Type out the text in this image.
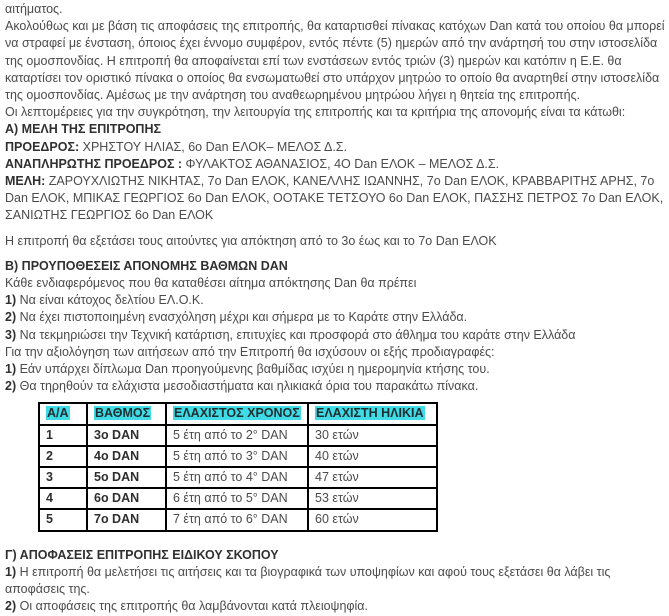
αιτήματος.

Ακολούθως και με βάση τις αποφάσεις της επιτροπής, θα καταρτισθεί πίνακας κατόχων Dan κατά του οποίου θα μπορεί να στραφεί με ένσταση, όποιος έχει έννομο συμφέρον, εντός πέντε (5) ημερών από την ανάρτησή του στην ιστοσελίδα της ομοσπονδίας. Η επιτροπή θα αποφαίνεται επί των ενστάσεων εντός τριών (3) ημερών και κατόπιν η Ε.Ε. θα καταρτίσει τον οριστικό πίνακα ο οποίος θα ενσωματωθεί στο υπάρχον μητρώο το οποίο θα αναρτηθεί στην ιστοσελίδα της ομοσπονδίας. Αμέσως με την ανάρτηση του αναθεωρημένου μητρώου λήγει η θητεία της επιτροπής.

Οι λεπτομέρειες για την συγκρότηση, την λειτουργία της επιτροπής και τα κριτήρια της απονομής είναι τα κάτωθι:

Α) ΜΕΛΗ ΤΗΣ ΕΠΙΤΡΟΠΗΣ

ΠΡΟΕΔΡΟΣ: ΧΡΗΣΤΟΥ ΗΛΙΑΣ, 6ο Dan ΕΛΟΚ– ΜΕΛΟΣ Δ.Σ.

ΑΝΑΠΛΗΡΩΤΗΣ ΠΡΟΕΔΡΟΣ : ΦΥΛΑΚΤΟΣ ΑΘΑΝΑΣΙΟΣ, 4Ο Dan ΕΛΟΚ – ΜΕΛΟΣ Δ.Σ.

ΜΕΛΗ: ΖΑΡΟΥΧΛΙΩΤΗΣ ΝΙΚΗΤΑΣ, 7ο Dan ΕΛΟΚ, ΚΑΝΕΛΛΗΣ ΙΩΑΝΝΗΣ, 7ο Dan ΕΛΟΚ, ΚΡΑΒΒΑΡΙΤΗΣ ΑΡΗΣ, 7ο Dan ΕΛΟΚ, ΜΠΙΚΑΣ ΓΕΩΡΓΙΟΣ 6ο Dan ΕΛΟΚ, ΟΟΤΑΚΕ ΤΕΤΣΟΥΟ 6ο Dan ΕΛΟΚ, ΠΑΣΣΗΣ ΠΕΤΡΟΣ 7ο Dan ΕΛΟΚ, ΣΑΝΙΩΤΗΣ ΓΕΩΡΓΙΟΣ 6ο Dan ΕΛΟΚ

Η επιτροπή θα εξετάσει τους αιτούντες για απόκτηση από το 3ο έως και το 7ο Dan ΕΛΟΚ

Β) ΠΡΟΥΠΟΘΕΣΕΙΣ ΑΠΟΝΟΜΗΣ ΒΑΘΜΩΝ DAN

Κάθε ενδιαφερόμενος που θα καταθέσει αίτημα απόκτησης Dan θα πρέπει

1) Να είναι κάτοχος δελτίου ΕΛ.Ο.Κ.

2) Να έχει πιστοποιημένη ενασχόληση μέχρι και σήμερα με το Καράτε στην Ελλάδα.

3) Να τεκμηριώσει την Τεχνική κατάρτιση, επιτυχίες και προσφορά στο άθλημα του καράτε στην Ελλάδα

Για την αξιολόγηση των αιτήσεων από την Επιτροπή θα ισχύσουν οι εξής προδιαγραφές:

1) Εάν υπάρχει δίπλωμα Dan προηγούμενης βαθμίδας ισχύει η ημερομηνία κτήσης του.

2) Θα τηρηθούν τα ελάχιστα μεσοδιαστήματα και ηλικιακά όρια του παρακάτω πίνακα.

Α/Α	ΒΑΘΜΟΣ	ΕΛΑΧΙΣΤΟΣ ΧΡΟΝΟΣ	ΕΛΑΧΙΣΤΗ ΗΛΙΚΙΑ
1	3ο DAN	5 έτη από το 2° DAN	30 ετών
2	4ο DAN	5 έτη από το 3° DAN	40 ετών
3	5ο DAN	5 έτη από το 4° DAN	47 ετών
4	6ο DAN	6 έτη από το 5° DAN	53 ετών
5	7ο DAN	7 έτη από το 6° DAN	60 ετών

Γ) ΑΠΟΦΑΣΕΙΣ ΕΠΙΤΡΟΠΗΣ ΕΙΔΙΚΟΥ ΣΚΟΠΟΥ

1) Η επιτροπή θα μελετήσει τις αιτήσεις και τα βιογραφικά των υποψηφίων και αφού τους εξετάσει θα λάβει τις αποφάσεις της.

2) Οι αποφάσεις της επιτροπής θα λαμβάνονται κατά πλειοψηφία.
